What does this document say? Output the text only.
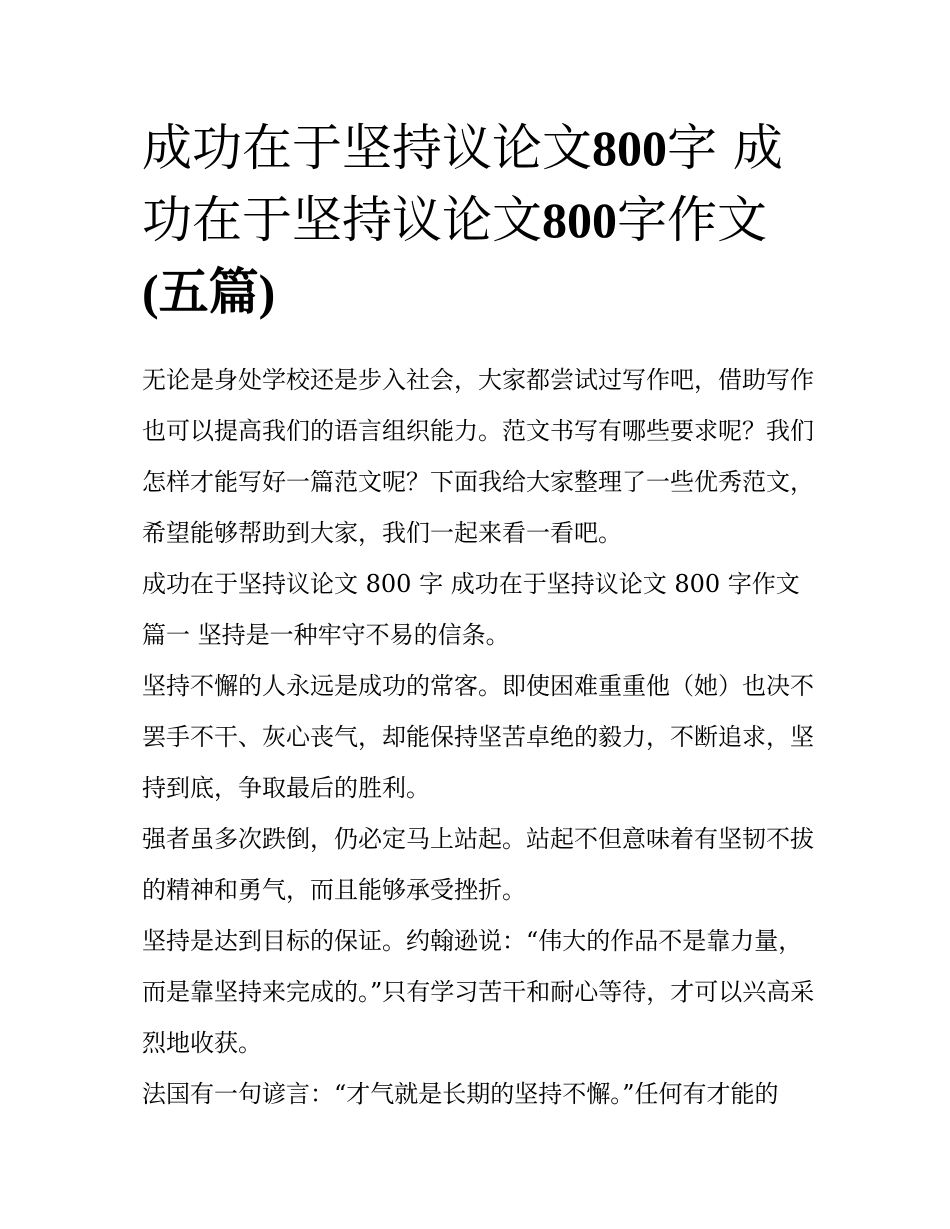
成功在于坚持议论文800字 成
功在于坚持议论文800字作文
(五篇)

无论是身处学校还是步入社会，大家都尝试过写作吧，借助写作也可以提高我们的语言组织能力。范文书写有哪些要求呢？我们怎样才能写好一篇范文呢？下面我给大家整理了一些优秀范文，希望能够帮助到大家，我们一起来看一看吧。

成功在于坚持议论文 800 字 成功在于坚持议论文 800 字作文篇一 坚持是一种牢守不易的信条。

坚持不懈的人永远是成功的常客。即使困难重重他（她）也决不罢手不干、灰心丧气，却能保持坚苦卓绝的毅力，不断追求，坚持到底，争取最后的胜利。

强者虽多次跌倒，仍必定马上站起。站起不但意味着有坚韧不拔的精神和勇气，而且能够承受挫折。

坚持是达到目标的保证。约翰逊说：“伟大的作品不是靠力量，而是靠坚持来完成的。”只有学习苦干和耐心等待，才可以兴高采烈地收获。

法国有一句谚言：“才气就是长期的坚持不懈。”任何有才能的
